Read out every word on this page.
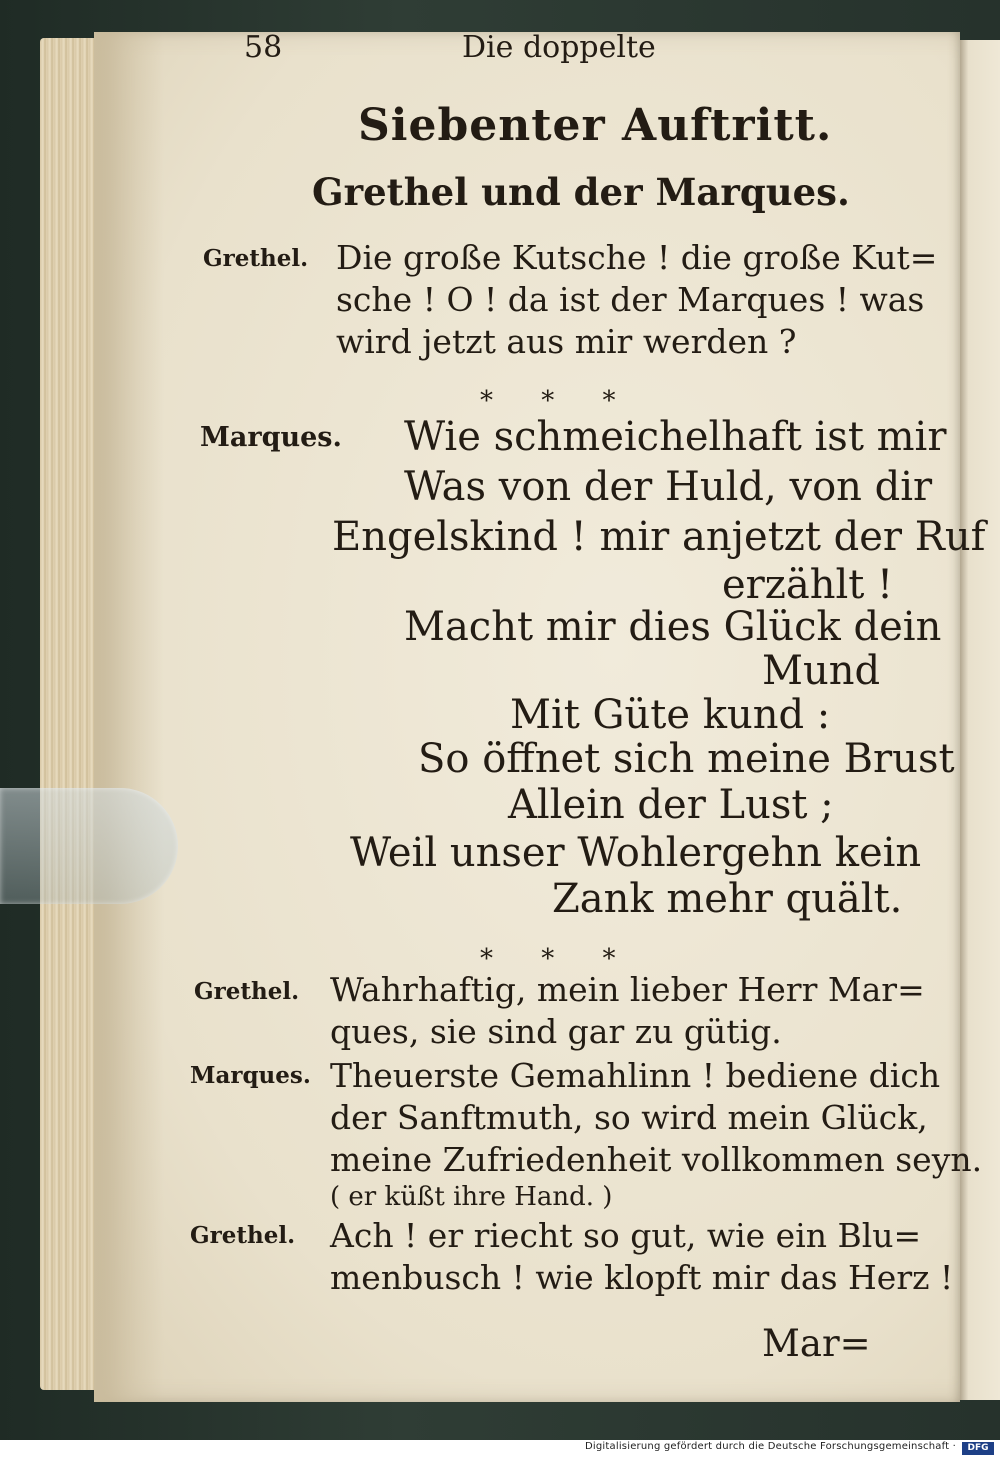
58	Die doppelte
Siebenter Auftritt.
Grethel und der Marques.
Grethel. Die große Kutsche ! die große Kut=
sche ! O ! da ist der Marques ! was
wird jetzt aus mir werden ?
⁎ ⁎ ⁎
Marques. Wie schmeichelhaft ist mir
Was von der Huld, von dir
Engelskind ! mir anjetzt der Ruf
erzählt !
Macht mir dies Glück dein
Mund
Mit Güte kund :
So öffnet sich meine Brust
Allein der Lust ;
Weil unser Wohlergehn kein
Zank mehr quält.
⁎ ⁎ ⁎
Grethel. Wahrhaftig, mein lieber Herr Mar=
ques, sie sind gar zu gütig.
Marques. Theuerste Gemahlinn ! bediene dich
der Sanftmuth, so wird mein Glück,
meine Zufriedenheit vollkommen seyn.
( er küßt ihre Hand. )
Grethel. Ach ! er riecht so gut, wie ein Blu=
menbusch ! wie klopft mir das Herz !
Mar=
Digitalisierung gefördert durch die Deutsche Forschungsgemeinschaft ·	DFG
